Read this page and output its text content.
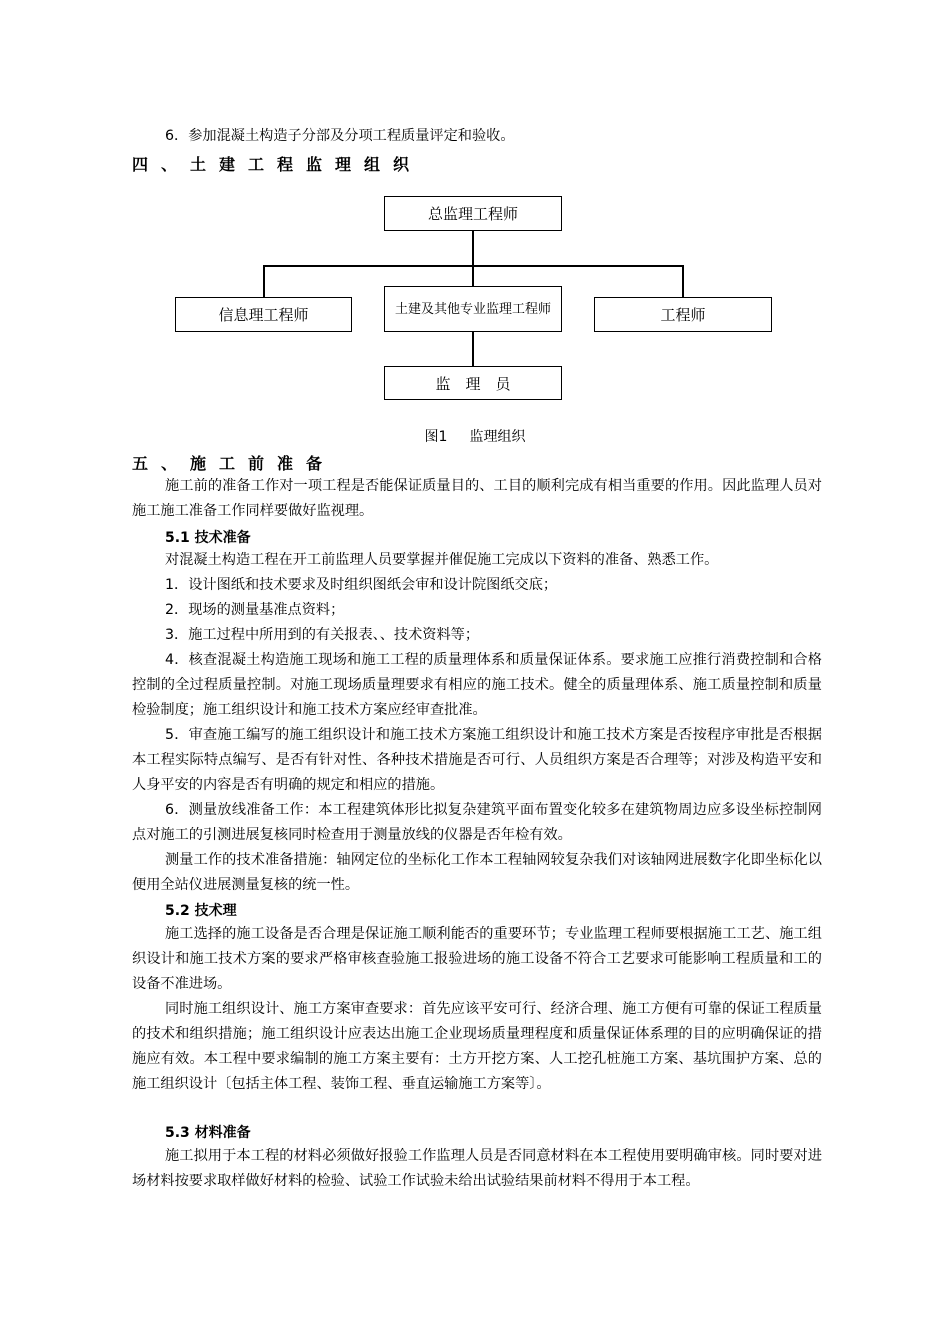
6．参加混凝土构造子分部及分项工程质量评定和验收。

四、土建工程监理组织
总监理工程师
信息理工程师	土建及其他专业监理工程师	工程师
监　理　员
图1 监理组织
五、施工前准备

施工前的准备工作对一项工程是否能保证质量目的、工目的顺利完成有相当重要的作用。因此监理人员对施工施工准备工作同样要做好监视理。

5.1 技术准备

对混凝土构造工程在开工前监理人员要掌握并催促施工完成以下资料的准备、熟悉工作。

1．设计图纸和技术要求及时组织图纸会审和设计院图纸交底；

2．现场的测量基准点资料；

3．施工过程中所用到的有关报表、、技术资料等；

4．核查混凝土构造施工现场和施工工程的质量理体系和质量保证体系。要求施工应推行消费控制和合格控制的全过程质量控制。对施工现场质量理要求有相应的施工技术。健全的质量理体系、施工质量控制和质量检验制度；施工组织设计和施工技术方案应经审查批准。

5．审查施工编写的施工组织设计和施工技术方案施工组织设计和施工技术方案是否按程序审批是否根据本工程实际特点编写、是否有针对性、各种技术措施是否可行、人员组织方案是否合理等；对涉及构造平安和人身平安的内容是否有明确的规定和相应的措施。

6．测量放线准备工作：本工程建筑体形比拟复杂建筑平面布置变化较多在建筑物周边应多设坐标控制网点对施工的引测进展复核同时检查用于测量放线的仪器是否年检有效。

测量工作的技术准备措施：轴网定位的坐标化工作本工程轴网较复杂我们对该轴网进展数字化即坐标化以便用全站仪进展测量复核的统一性。

5.2 技术理

施工选择的施工设备是否合理是保证施工顺利能否的重要环节；专业监理工程师要根据施工工艺、施工组织设计和施工技术方案的要求严格审核查验施工报验进场的施工设备不符合工艺要求可能影响工程质量和工的设备不准进场。

同时施工组织设计、施工方案审查要求：首先应该平安可行、经济合理、施工方便有可靠的保证工程质量的技术和组织措施；施工组织设计应表达出施工企业现场质量理程度和质量保证体系理的目的应明确保证的措施应有效。本工程中要求编制的施工方案主要有：土方开挖方案、人工挖孔桩施工方案、基坑围护方案、总的施工组织设计〔包括主体工程、装饰工程、垂直运输施工方案等〕。

5.3 材料准备

施工拟用于本工程的材料必须做好报验工作监理人员是否同意材料在本工程使用要明确审核。同时要对进场材料按要求取样做好材料的检验、试验工作试验未给出试验结果前材料不得用于本工程。
